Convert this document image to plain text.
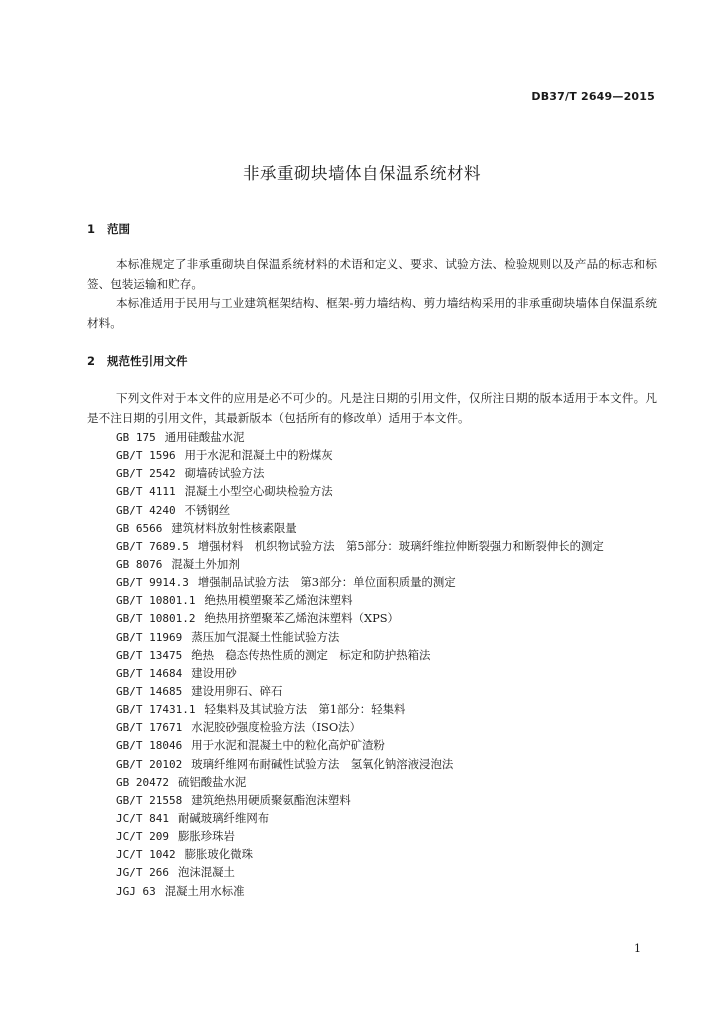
DB37/T 2649—2015
非承重砌块墙体自保温系统材料
1 范围

本标准规定了非承重砌块自保温系统材料的术语和定义、要求、试验方法、检验规则以及产品的标志和标签、包装运输和贮存。

本标准适用于民用与工业建筑框架结构、框架-剪力墙结构、剪力墙结构采用的非承重砌块墙体自保温系统材料。

2 规范性引用文件

下列文件对于本文件的应用是必不可少的。凡是注日期的引用文件，仅所注日期的版本适用于本文件。凡是不注日期的引用文件，其最新版本（包括所有的修改单）适用于本文件。

GB 175 通用硅酸盐水泥
GB/T 1596 用于水泥和混凝土中的粉煤灰
GB/T 2542 砌墙砖试验方法
GB/T 4111 混凝土小型空心砌块检验方法
GB/T 4240 不锈钢丝
GB 6566 建筑材料放射性核素限量
GB/T 7689.5 增强材料　机织物试验方法　第5部分：玻璃纤维拉伸断裂强力和断裂伸长的测定
GB 8076 混凝土外加剂
GB/T 9914.3 增强制品试验方法　第3部分：单位面积质量的测定
GB/T 10801.1 绝热用模塑聚苯乙烯泡沫塑料
GB/T 10801.2 绝热用挤塑聚苯乙烯泡沫塑料（XPS）
GB/T 11969 蒸压加气混凝土性能试验方法
GB/T 13475 绝热　稳态传热性质的测定　标定和防护热箱法
GB/T 14684 建设用砂
GB/T 14685 建设用卵石、碎石
GB/T 17431.1 轻集料及其试验方法　第1部分：轻集料
GB/T 17671 水泥胶砂强度检验方法（ISO法）
GB/T 18046 用于水泥和混凝土中的粒化高炉矿渣粉
GB/T 20102 玻璃纤维网布耐碱性试验方法　氢氧化钠溶液浸泡法
GB 20472 硫铝酸盐水泥
GB/T 21558 建筑绝热用硬质聚氨酯泡沫塑料
JC/T 841 耐碱玻璃纤维网布
JC/T 209 膨胀珍珠岩
JC/T 1042 膨胀玻化微珠
JG/T 266 泡沫混凝土
JGJ 63 混凝土用水标准
1
